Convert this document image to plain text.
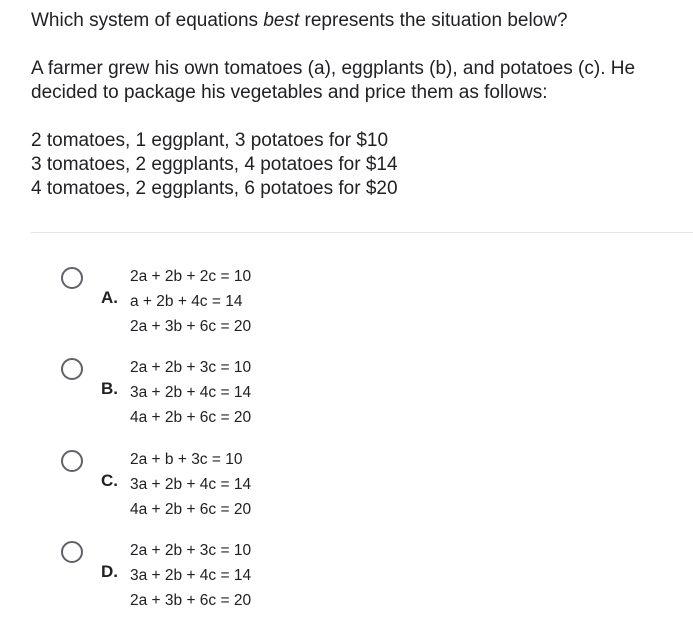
Which system of equations best represents the situation below?

A farmer grew his own tomatoes (a), eggplants (b), and potatoes (c). He
decided to package his vegetables and price them as follows:

2 tomatoes, 1 eggplant, 3 potatoes for $10
3 tomatoes, 2 eggplants, 4 potatoes for $14
4 tomatoes, 2 eggplants, 6 potatoes for $20

A.
2a + 2b + 2c = 10
a + 2b + 4c = 14
2a + 3b + 6c = 20
B.
2a + 2b + 3c = 10
3a + 2b + 4c = 14
4a + 2b + 6c = 20
C.
2a + b + 3c = 10
3a + 2b + 4c = 14
4a + 2b + 6c = 20
D.
2a + 2b + 3c = 10
3a + 2b + 4c = 14
2a + 3b + 6c = 20
